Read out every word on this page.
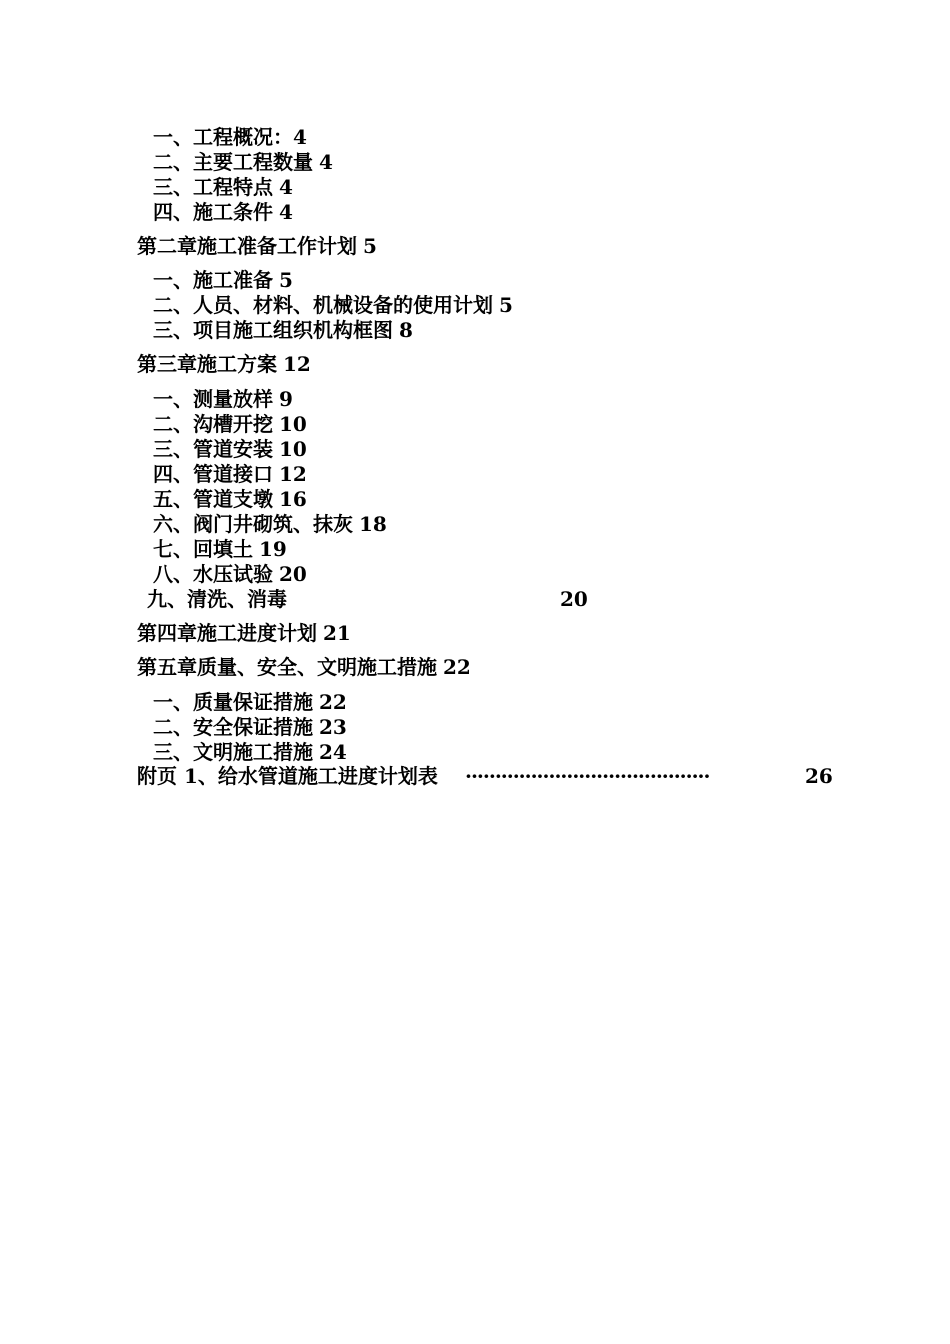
一、工程概况：4
二、主要工程数量 4
三、工程特点 4
四、施工条件 4
第二章施工准备工作计划 5
一、施工准备 5
二、人员、材料、机械设备的使用计划 5
三、项目施工组织机构框图 8
第三章施工方案 12
一、测量放样 9
二、沟槽开挖 10
三、管道安装 10
四、管道接口 12
五、管道支墩 16
六、阀门井砌筑、抹灰 18
七、回填土 19
八、水压试验 20
九、清洗、消毒	20
第四章施工进度计划 21
第五章质量、安全、文明施工措施 22
一、质量保证措施 22
二、安全保证措施 23
三、文明施工措施 24
附页 1、给水管道施工进度计划表 ·········································	26
